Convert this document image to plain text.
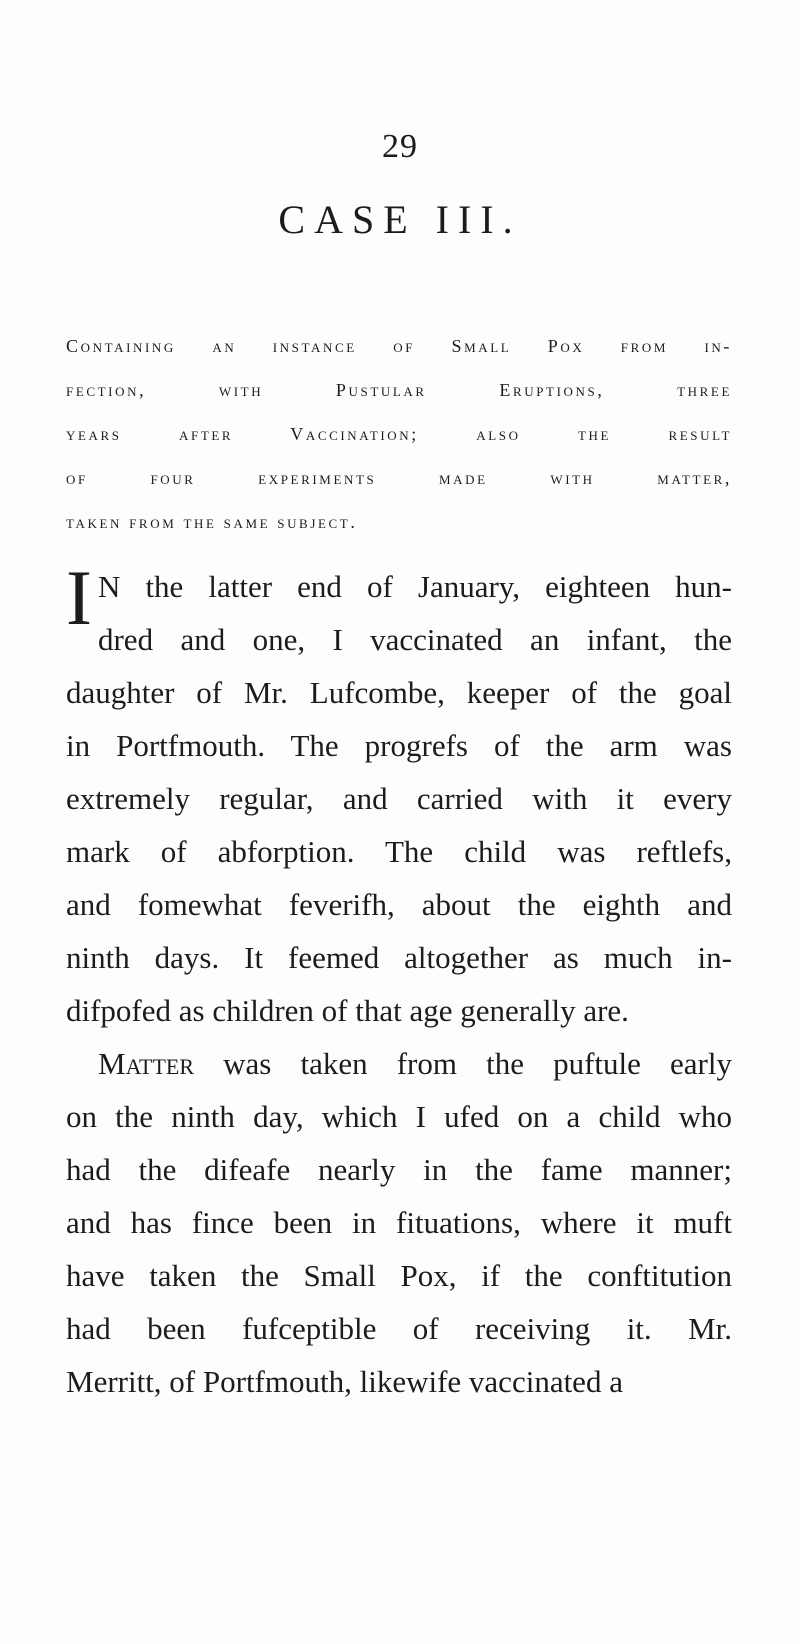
29
CASE III.
Containing an instance of Small Pox from in-
fection, with Pustular Eruptions, three
years after Vaccination; also the result
of four experiments made with matter,
taken from the same subject.
I N the latter end of January, eighteen hun-
dred and one, I vaccinated an infant, the
daughter of Mr. Lufcombe, keeper of the goal
in Portfmouth. The progrefs of the arm was
extremely regular, and carried with it every
mark of abforption. The child was reftlefs,
and fomewhat feverifh, about the eighth and
ninth days. It feemed altogether as much in-
difpofed as children of that age generally are.
Matter was taken from the puftule early
on the ninth day, which I ufed on a child who
had the difeafe nearly in the fame manner;
and has fince been in fituations, where it muft
have taken the Small Pox, if the conftitution
had been fufceptible of receiving it. Mr.
Merritt, of Portfmouth, likewife vaccinated a
